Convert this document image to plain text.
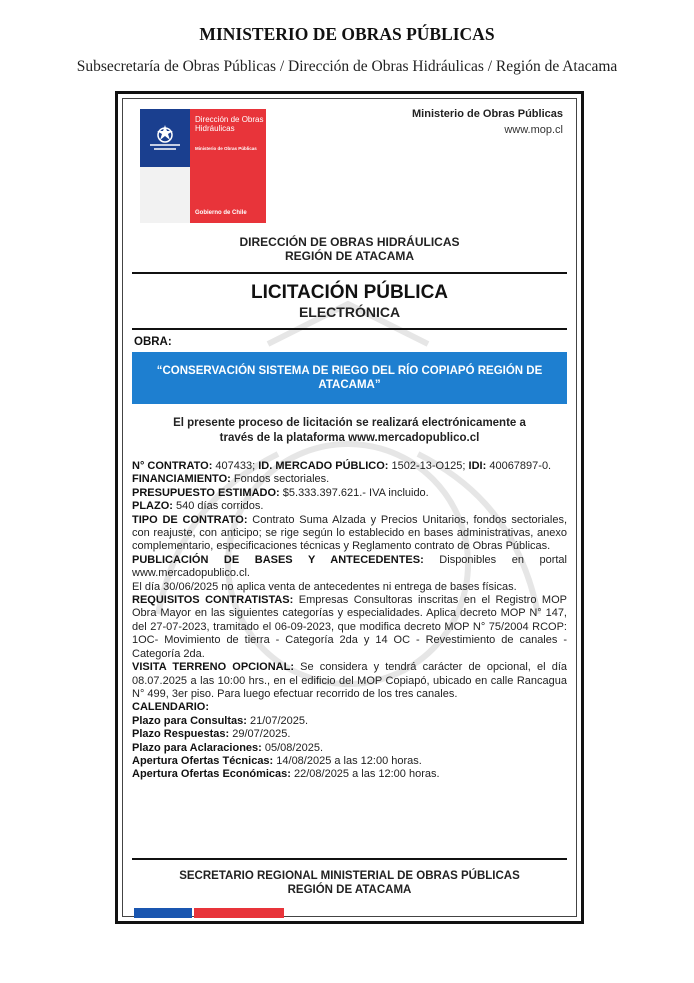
MINISTERIO DE OBRAS PÚBLICAS
Subsecretaría de Obras Públicas / Dirección de Obras Hidráulicas / Región de Atacama
Dirección de Obras Hidráulicas
Ministerio de Obras Públicas
Gobierno de Chile
Ministerio de Obras Públicas
www.mop.cl
DIRECCIÓN DE OBRAS HIDRÁULICAS
REGIÓN DE ATACAMA
LICITACIÓN PÚBLICA
ELECTRÓNICA
OBRA:
“CONSERVACIÓN SISTEMA DE RIEGO DEL RÍO COPIAPÓ REGIÓN DE ATACAMA”
El presente proceso de licitación se realizará electrónicamente a
través de la plataforma www.mercadopublico.cl

N° CONTRATO: 407433; ID. MERCADO PÚBLICO: 1502-13-O125; IDI: 40067897-0.

FINANCIAMIENTO: Fondos sectoriales.

PRESUPUESTO ESTIMADO: $5.333.397.621.- IVA incluido.

PLAZO: 540 días corridos.

TIPO DE CONTRATO: Contrato Suma Alzada y Precios Unitarios, fondos sectoriales, con reajuste, con anticipo; se rige según lo establecido en bases administrativas, anexo complementario, especificaciones técnicas y Reglamento contrato de Obras Públicas.

PUBLICACIÓN DE BASES Y ANTECEDENTES: Disponibles en portal www.mercadopublico.cl.

El día 30/06/2025 no aplica venta de antecedentes ni entrega de bases físicas.

REQUISITOS CONTRATISTAS: Empresas Consultoras inscritas en el Registro MOP Obra Mayor en las siguientes categorías y especialidades. Aplica decreto MOP N° 147, del 27-07-2023, tramitado el 06-09-2023, que modifica decreto MOP N° 75/2004 RCOP: 1OC- Movimiento de tierra - Categoría 2da y 14 OC - Revestimiento de canales - Categoría 2da.

VISITA TERRENO OPCIONAL: Se considera y tendrá carácter de opcional, el día 08.07.2025 a las 10:00 hrs., en el edificio del MOP Copiapó, ubicado en calle Rancagua N° 499, 3er piso. Para luego efectuar recorrido de los tres canales.

CALENDARIO:

Plazo para Consultas: 21/07/2025.

Plazo Respuestas: 29/07/2025.

Plazo para Aclaraciones: 05/08/2025.

Apertura Ofertas Técnicas: 14/08/2025 a las 12:00 horas.

Apertura Ofertas Económicas: 22/08/2025 a las 12:00 horas.

SECRETARIO REGIONAL MINISTERIAL DE OBRAS PÚBLICAS
REGIÓN DE ATACAMA
